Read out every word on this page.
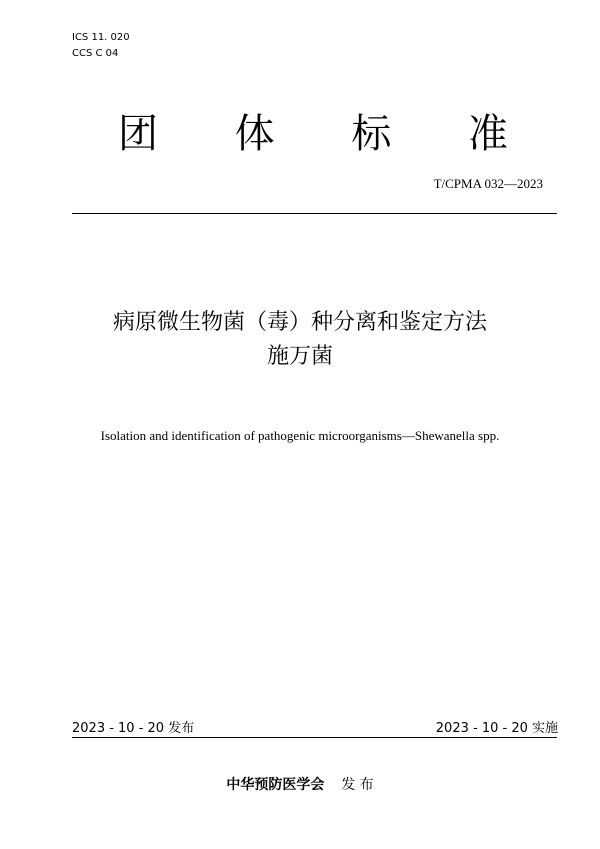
ICS 11. 020
CCS C 04
团 体 标 准
T/CPMA 032—2023
病原微生物菌（毒）种分离和鉴定方法
施万菌
Isolation and identification of pathogenic microorganisms—Shewanella spp.
2023 - 10 - 20 发布	2023 - 10 - 20 实施
中华预防医学会 发 布
